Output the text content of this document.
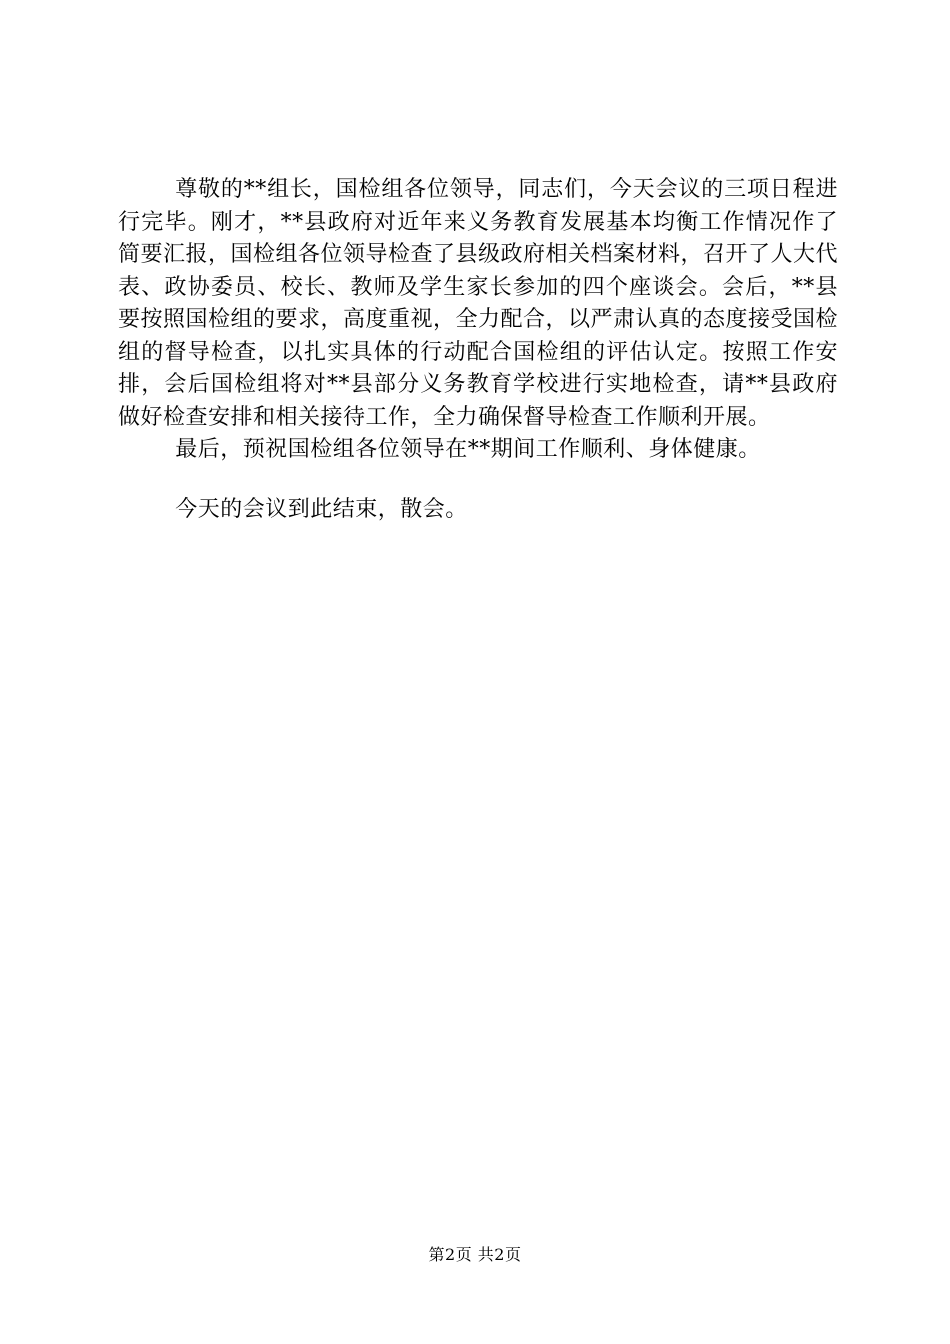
尊敬的**组长，国检组各位领导，同志们，今天会议的三项日程进行完毕。刚才，**县政府对近年来义务教育发展基本均衡工作情况作了简要汇报，国检组各位领导检查了县级政府相关档案材料，召开了人大代表、政协委员、校长、教师及学生家长参加的四个座谈会。会后，**县要按照国检组的要求，高度重视，全力配合，以严肃认真的态度接受国检组的督导检查，以扎实具体的行动配合国检组的评估认定。按照工作安排，会后国检组将对**县部分义务教育学校进行实地检查，请**县政府做好检查安排和相关接待工作，全力确保督导检查工作顺利开展。

最后，预祝国检组各位领导在**期间工作顺利、身体健康。

今天的会议到此结束，散会。

第2页 共2页
